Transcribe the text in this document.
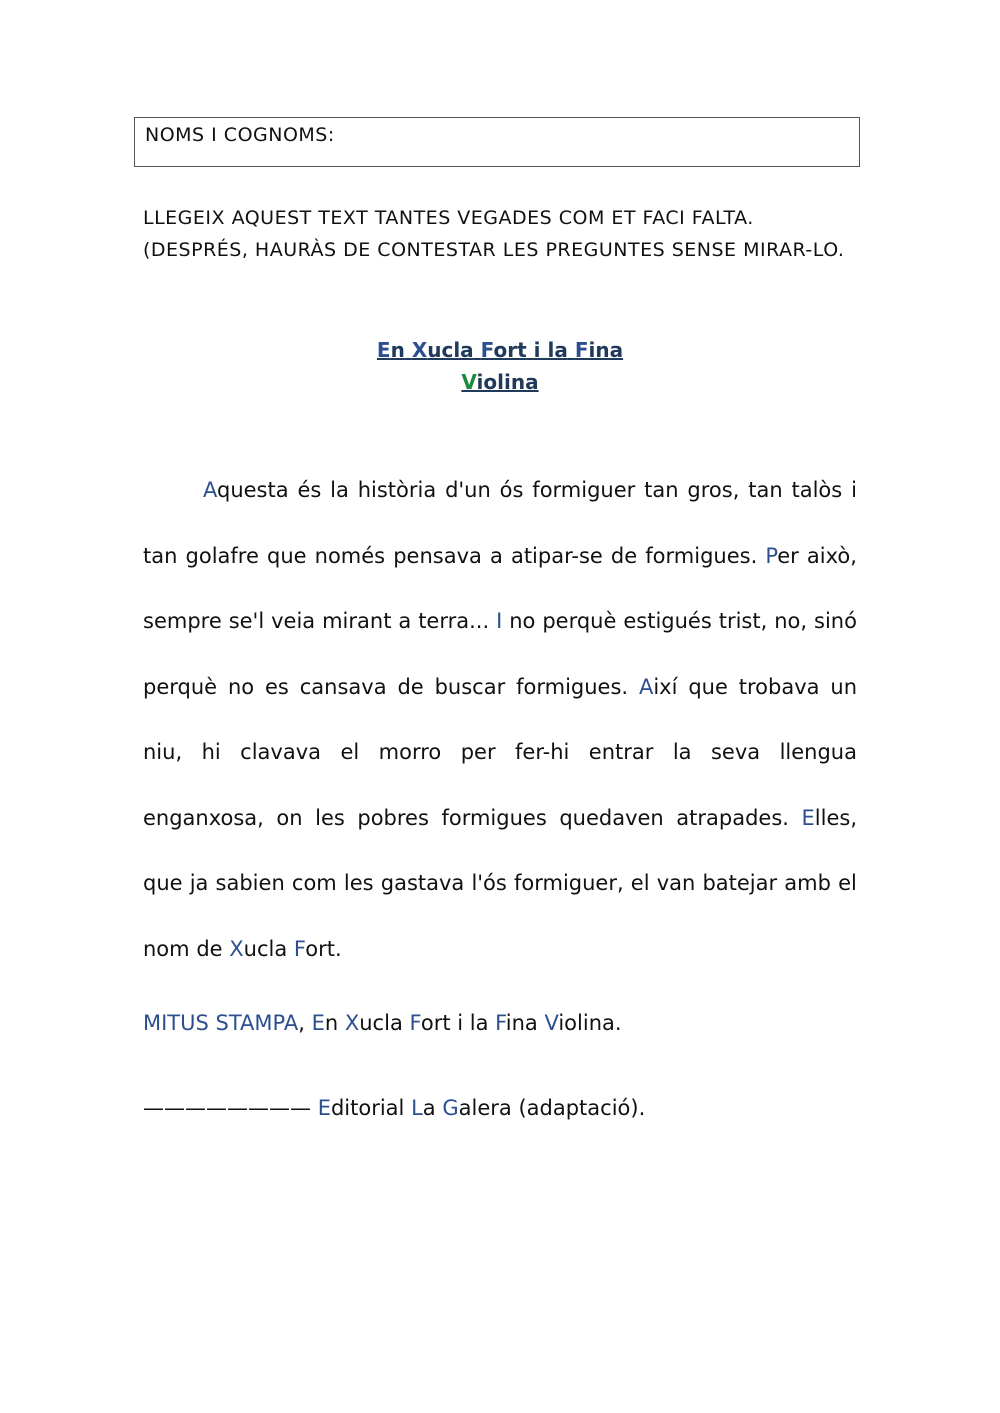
NOMS I COGNOMS:
LLEGEIX AQUEST TEXT TANTES VEGADES COM ET FACI FALTA.
(DESPRÉS, HAURÀS DE CONTESTAR LES PREGUNTES SENSE MIRAR-LO.
En Xucla Fort i la Fina
Violina

Aquesta és la història d'un ós formiguer tan gros, tan talòs i tan golafre que només pensava a atipar-se de formigues. Per això, sempre se'l veia mirant a terra... I no perquè estigués trist, no, sinó perquè no es cansava de buscar formigues. Així que trobava un niu, hi clavava el morro per fer-hi entrar la seva llengua enganxosa, on les pobres formigues quedaven atrapades. Elles, que ja sabien com les gastava l'ós formiguer, el van batejar amb el nom de Xucla Fort.

MITUS STAMPA, En Xucla Fort i la Fina Violina.
———————— Editorial La Galera (adaptació).
